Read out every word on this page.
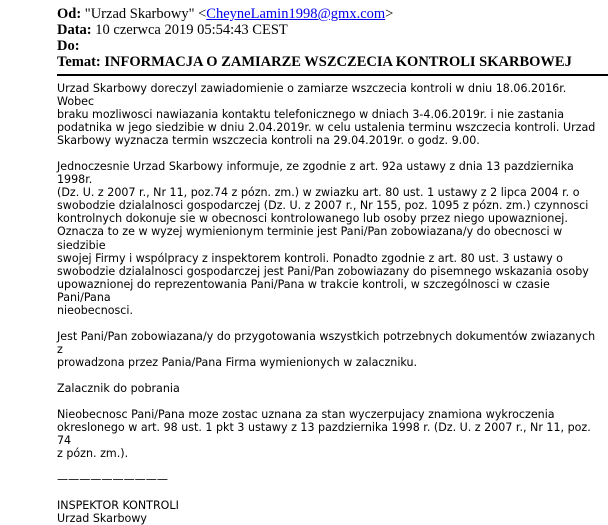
Od: "Urzad Skarbowy" <CheyneLamin1998@gmx.com>
Data: 10 czerwca 2019 05:54:43 CEST
Do:
Temat: INFORMACJA O ZAMIARZE WSZCZECIA KONTROLI SKARBOWEJ

Urzad Skarbowy doreczyl zawiadomienie o zamiarze wszczecia kontroli w dniu 18.06.2016r. Wobec
braku mozliwosci nawiazania kontaktu telefonicznego w dniach 3-4.06.2019r. i nie zastania
podatnika w jego siedzibie w dniu 2.04.2019r. w celu ustalenia terminu wszczecia kontroli. Urzad
Skarbowy wyznacza termin wszczecia kontroli na 29.04.2019r. o godz. 9.00.

Jednoczesnie Urzad Skarbowy informuje, ze zgodnie z art. 92a ustawy z dnia 13 pazdziernika 1998r.
(Dz. U. z 2007 r., Nr 11, poz.74 z pózn. zm.) w zwiazku art. 80 ust. 1 ustawy z 2 lipca 2004 r. o
swobodzie dzialalnosci gospodarczej (Dz. U. z 2007 r., Nr 155, poz. 1095 z pózn. zm.) czynnosci
kontrolnych dokonuje sie w obecnosci kontrolowanego lub osoby przez niego upowaznionej.
Oznacza to ze w wyzej wymienionym terminie jest Pani/Pan zobowiazana/y do obecnosci w siedzibie
swojej Firmy i wspólpracy z inspektorem kontroli. Ponadto zgodnie z art. 80 ust. 3 ustawy o
swobodzie dzialalnosci gospodarczej jest Pani/Pan zobowiazany do pisemnego wskazania osoby
upowaznionej do reprezentowania Pani/Pana w trakcie kontroli, w szczególnosci w czasie Pani/Pana
nieobecnosci.

Jest Pani/Pan zobowiazana/y do przygotowania wszystkich potrzebnych dokumentów zwiazanych z
prowadzona przez Pania/Pana Firma wymienionych w zalaczniku.

Zalacznik do pobrania

Nieobecnosc Pani/Pana moze zostac uznana za stan wyczerpujacy znamiona wykroczenia
okreslonego w art. 98 ust. 1 pkt 3 ustawy z 13 pazdziernika 1998 r. (Dz. U. z 2007 r., Nr 11, poz. 74
z pózn. zm.).

——————————

INSPEKTOR KONTROLI
Urzad Skarbowy
